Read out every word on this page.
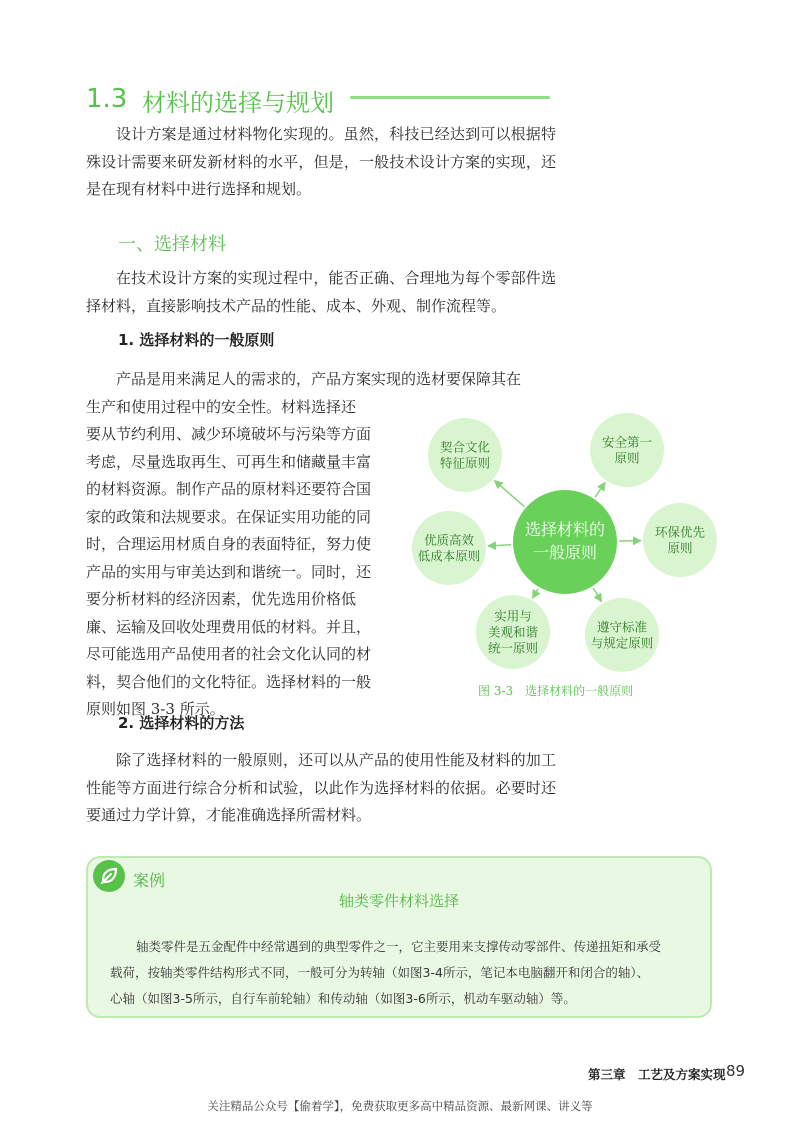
1.3 材料的选择与规划
设计方案是通过材料物化实现的。虽然，科技已经达到可以根据特殊设计需要来研发新材料的水平，但是，一般技术设计方案的实现，还是在现有材料中进行选择和规划。
一、选择材料
在技术设计方案的实现过程中，能否正确、合理地为每个零部件选择材料，直接影响技术产品的性能、成本、外观、制作流程等。
1. 选择材料的一般原则
产品是用来满足人的需求的，产品方案实现的选材要保障其在
生产和使用过程中的安全性。材料选择还
要从节约利用、减少环境破坏与污染等方面
考虑，尽量选取再生、可再生和储藏量丰富
的材料资源。制作产品的原材料还要符合国
家的政策和法规要求。在保证实用功能的同
时，合理运用材质自身的表面特征，努力使
产品的实用与审美达到和谐统一。同时，还
要分析材料的经济因素，优先选用价格低
廉、运输及回收处理费用低的材料。并且，
尽可能选用产品使用者的社会文化认同的材
料，契合他们的文化特征。选择材料的一般
原则如图 3-3 所示。
契合文化
特征原则
安全第一
原则
环保优先
原则
遵守标准
与规定原则
实用与
美观和谐
统一原则
优质高效
低成本原则
选择材料的
一般原则
图 3-3　选择材料的一般原则
2. 选择材料的方法
除了选择材料的一般原则，还可以从产品的使用性能及材料的加工性能等方面进行综合分析和试验，以此作为选择材料的依据。必要时还要通过力学计算，才能准确选择所需材料。
案例
轴类零件材料选择
轴类零件是五金配件中经常遇到的典型零件之一，它主要用来支撑传动零部件、传递扭矩和承受
载荷，按轴类零件结构形式不同，一般可分为转轴（如图3-4所示，笔记本电脑翻开和闭合的轴）、
心轴（如图3-5所示，自行车前轮轴）和传动轴（如图3-6所示，机动车驱动轴）等。
第三章　工艺及方案实现 89
关注精品公众号【偷着学】，免费获取更多高中精品资源、最新网课、讲义等
